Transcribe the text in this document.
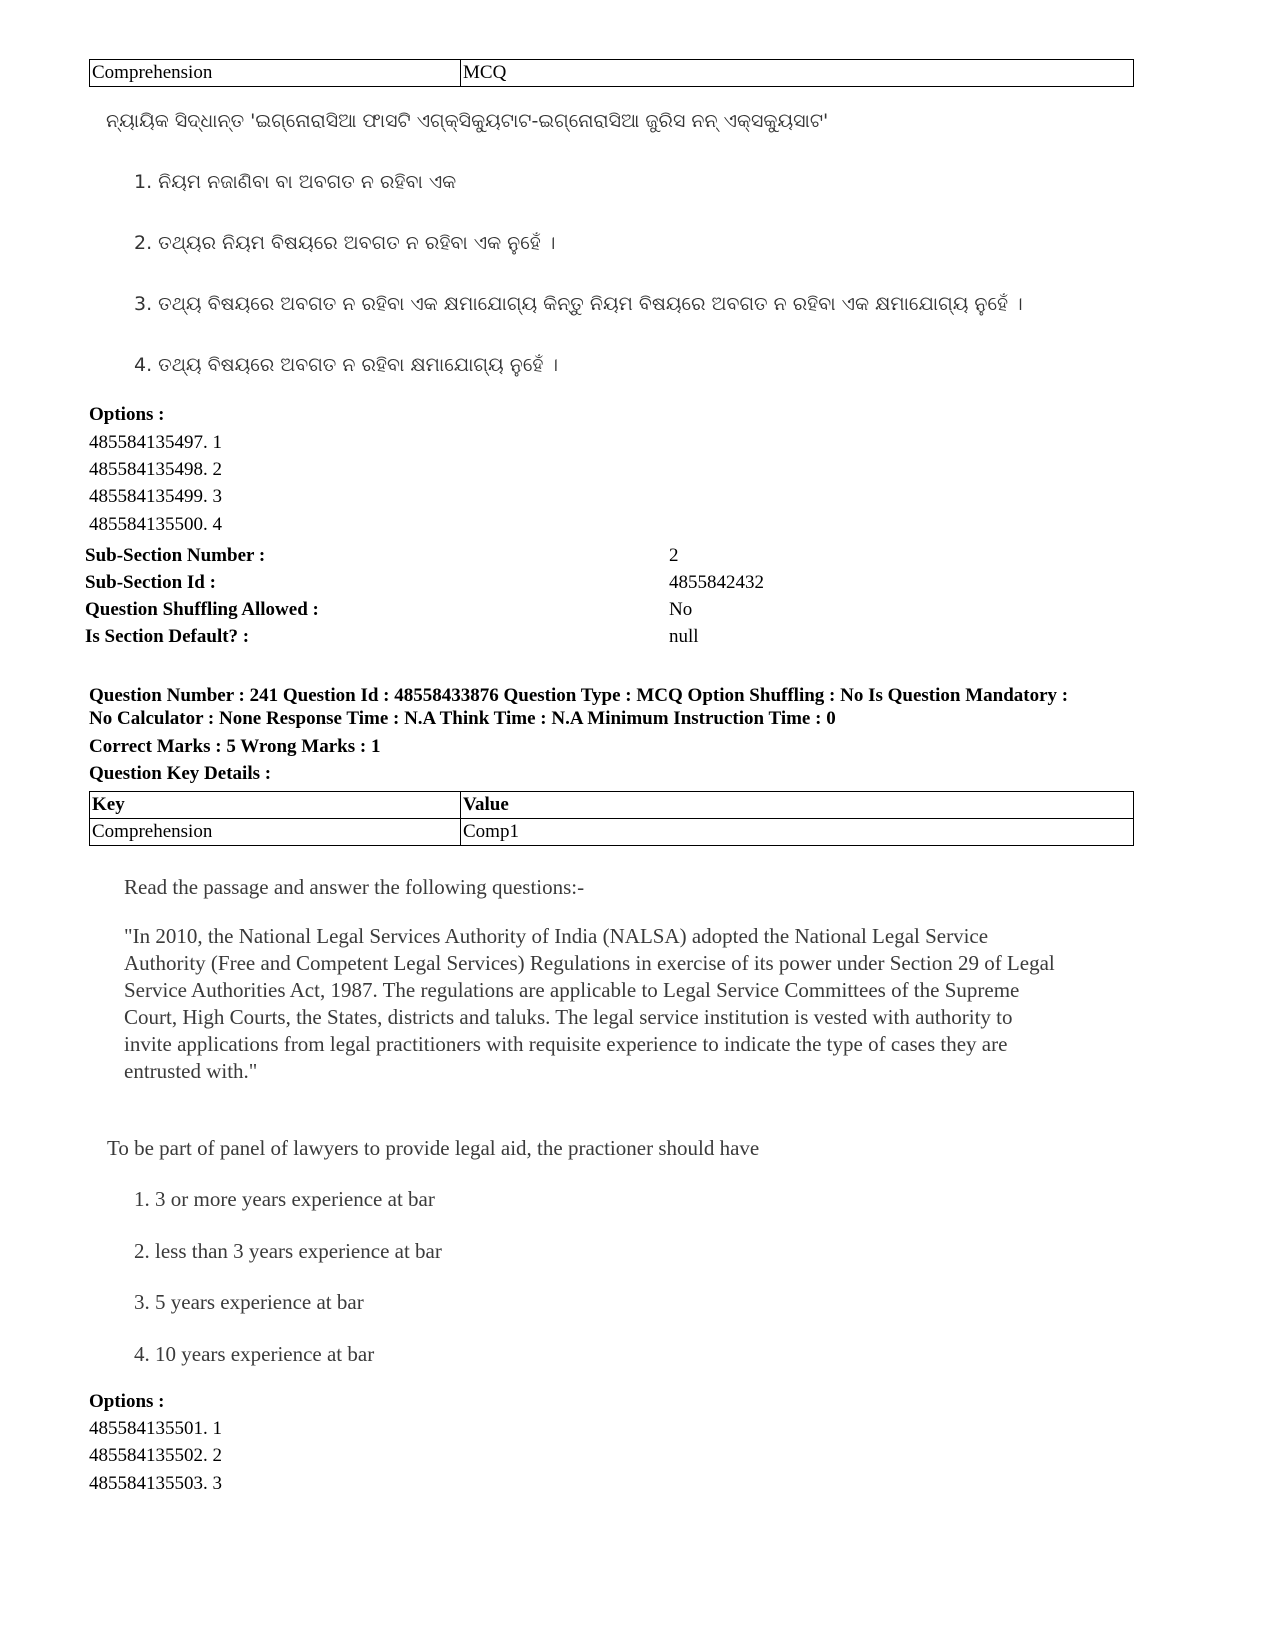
Comprehension	MCQ
ନ୍ୟାୟିକ ସିଦ୍ଧାନ୍ତ 'ଇଗ୍‌ନୋରାସିଆ ଫାସଟି ଏଗ୍‌କ୍ସିକ୍ୟୁଟାଟ-ଇଗ୍‌ନୋରାସିଆ ଜୁରିସ ନନ୍ ଏକ୍ସକ୍ୟୁସାଟ'
1. ନିୟମ ନଜାଣିବା ବା ଅବଗତ ନ ରହିବା ଏକ
2. ତଥ୍ୟର ନିୟମ ବିଷୟରେ ଅବଗତ ନ ରହିବା ଏକ ନୁହେଁ ।
3. ତଥ୍ୟ ବିଷୟରେ ଅବଗତ ନ ରହିବା ଏକ କ୍ଷମାଯୋଗ୍ୟ କିନ୍ତୁ ନିୟମ ବିଷୟରେ ଅବଗତ ନ ରହିବା ଏକ କ୍ଷମାଯୋଗ୍ୟ ନୁହେଁ ।
4. ତଥ୍ୟ ବିଷୟରେ ଅବଗତ ନ ରହିବା କ୍ଷମାଯୋଗ୍ୟ ନୁହେଁ ।
Options :
485584135497. 1
485584135498. 2
485584135499. 3
485584135500. 4
Sub-Section Number :	2
Sub-Section Id :	4855842432
Question Shuffling Allowed :	No
Is Section Default? :	null
Question Number : 241 Question Id : 48558433876 Question Type : MCQ Option Shuffling : No Is Question Mandatory :
No Calculator : None Response Time : N.A Think Time : N.A Minimum Instruction Time : 0
Correct Marks : 5 Wrong Marks : 1
Question Key Details :
Key	Value
Comprehension	Comp1
Read the passage and answer the following questions:-
"In 2010, the National Legal Services Authority of India (NALSA) adopted the National Legal Service
Authority (Free and Competent Legal Services) Regulations in exercise of its power under Section 29 of Legal
Service Authorities Act, 1987. The regulations are applicable to Legal Service Committees of the Supreme
Court, High Courts, the States, districts and taluks. The legal service institution is vested with authority to
invite applications from legal practitioners with requisite experience to indicate the type of cases they are
entrusted with."
To be part of panel of lawyers to provide legal aid, the practioner should have
1. 3 or more years experience at bar
2. less than 3 years experience at bar
3. 5 years experience at bar
4. 10 years experience at bar
Options :
485584135501. 1
485584135502. 2
485584135503. 3
